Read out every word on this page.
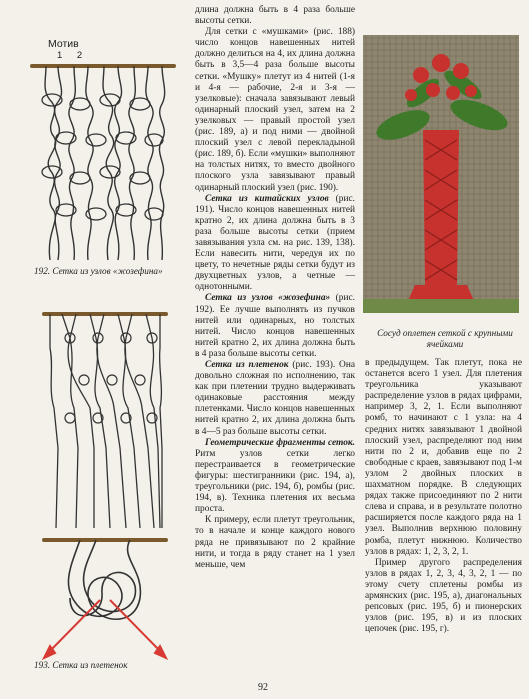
Мотив
1 2
192. Сетка из узлов «жозефина»
193. Сетка из плетенок

длина должна быть в 4 раза больше высоты сетки.

Для сетки с «мушками» (рис. 188) число концов навешенных нитей должно делиться на 4, их длина должна быть в 3,5—4 раза больше высоты сетки. «Мушку» плетут из 4 нитей (1-я и 4-я — рабочие, 2-я и 3-я — узелковые): сначала завязывают левый одинарный плоский узел, затем на 2 узелковых — правый простой узел (рис. 189, а) и под ними — двойной плоский узел с левой перекладыной (рис. 189, б). Если «мушки» выполняют на толстых нитях, то вместо двойного плоского узла завязывают правый одинарный плоский узел (рис. 190).

Сетка из китайских узлов (рис. 191). Число концов навешенных нитей кратно 2, их длина должна быть в 3 раза больше высоты сетки (прием завязывания узла см. на рис. 139, 138). Если навесить нити, чередуя их по цвету, то нечетные ряды сетки будут из двухцветных узлов, а четные — однотонными.

Сетка из узлов «жозефина» (рис. 192). Ее лучше выполнять из пучков нитей или одинарных, но толстых нитей. Число концов навешенных нитей кратно 2, их длина должна быть в 4 раза больше высоты сетки.

Сетка из плетенок (рис. 193). Она довольно сложная по исполнению, так как при плетении трудно выдерживать одинаковые расстояния между плетенками. Число концов навешенных нитей кратно 2, их длина должна быть в 4—5 раз больше высоты сетки.

Геометрические фрагменты сеток. Ритм узлов сетки легко перестраивается в геометрические фигуры: шестигранники (рис. 194, а), треугольники (рис. 194, б), ромбы (рис. 194, в). Техника плетения их весьма проста.

К примеру, если плетут треугольник, то в начале и конце каждого нового ряда не привязывают по 2 крайние нити, и тогда в ряду станет на 1 узел меньше, чем

Сосуд оплетен сеткой с крупными ячейками

в предыдущем. Так плетут, пока не останется всего 1 узел. Для плетения треугольника указывают распределение узлов в рядах цифрами, например 3, 2, 1. Если выполняют ромб, то начинают с 1 узла: на 4 средних нитях завязывают 1 двойной плоский узел, распределяют под ним нити по 2 и, добавив еще по 2 свободные с краев, завязывают под 1-м узлом 2 двойных плоских в шахматном порядке. В следующих рядах также присоединяют по 2 нити слева и справа, и в результате полотно расширяется после каждого ряда на 1 узел. Выполнив верхнюю половину ромба, плетут нижнюю. Количество узлов в рядах: 1, 2, 3, 2, 1.

Пример другого распределения узлов в рядах 1, 2, 3, 4, 3, 2, 1 — по этому счету сплетены ромбы из армянских (рис. 195, а), диагональных репсовых (рис. 195, б) и пионерских узлов (рис. 195, в) и из плоских цепочек (рис. 195, г).

92
